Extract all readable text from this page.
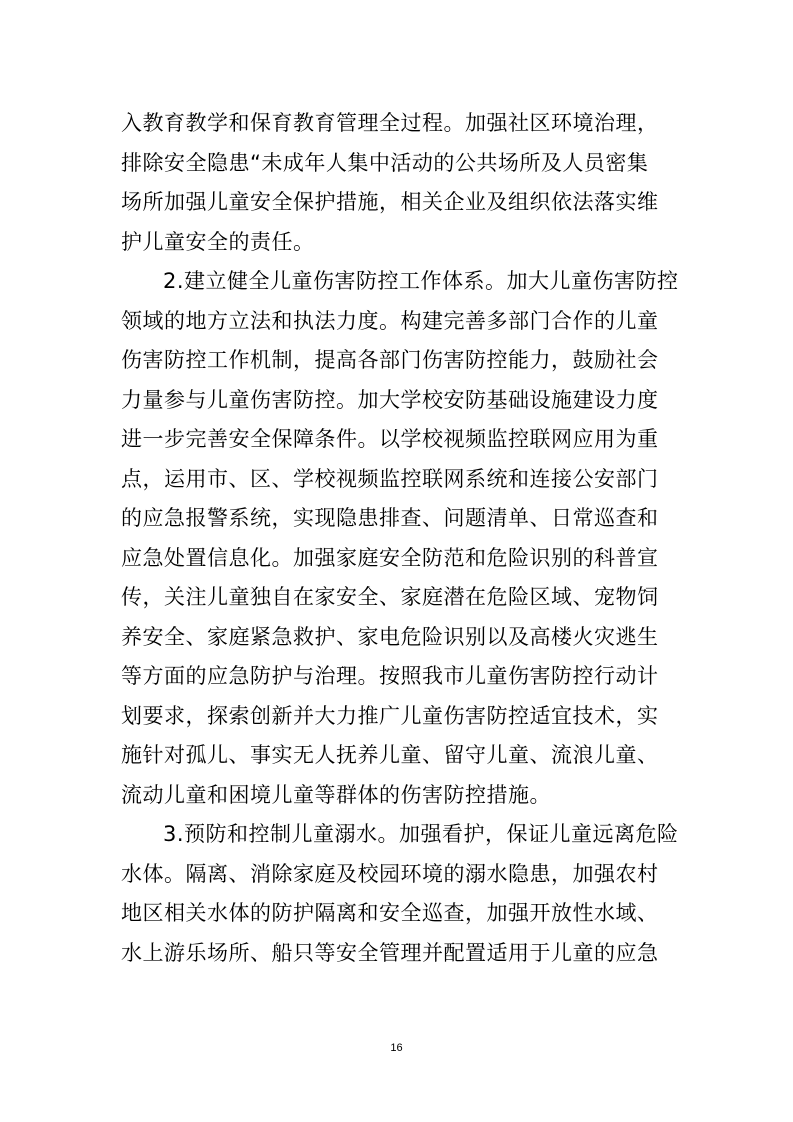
入教育教学和保育教育管理全过程。加强社区环境治理，
排除安全隐患“未成年人集中活动的公共场所及人员密集
场所加强儿童安全保护措施，相关企业及组织依法落实维
护儿童安全的责任。
2.建立健全儿童伤害防控工作体系。加大儿童伤害防控
领域的地方立法和执法力度。构建完善多部门合作的儿童
伤害防控工作机制，提高各部门伤害防控能力，鼓励社会
力量参与儿童伤害防控。加大学校安防基础设施建设力度
进一步完善安全保障条件。以学校视频监控联网应用为重
点，运用市、区、学校视频监控联网系统和连接公安部门
的应急报警系统，实现隐患排查、问题清单、日常巡查和
应急处置信息化。加强家庭安全防范和危险识别的科普宣
传，关注儿童独自在家安全、家庭潜在危险区域、宠物饲
养安全、家庭紧急救护、家电危险识别以及高楼火灾逃生
等方面的应急防护与治理。按照我市儿童伤害防控行动计
划要求，探索创新并大力推广儿童伤害防控适宜技术，实
施针对孤儿、事实无人抚养儿童、留守儿童、流浪儿童、
流动儿童和困境儿童等群体的伤害防控措施。
3.预防和控制儿童溺水。加强看护，保证儿童远离危险
水体。隔离、消除家庭及校园环境的溺水隐患，加强农村
地区相关水体的防护隔离和安全巡查，加强开放性水域、
水上游乐场所、船只等安全管理并配置适用于儿童的应急
16
